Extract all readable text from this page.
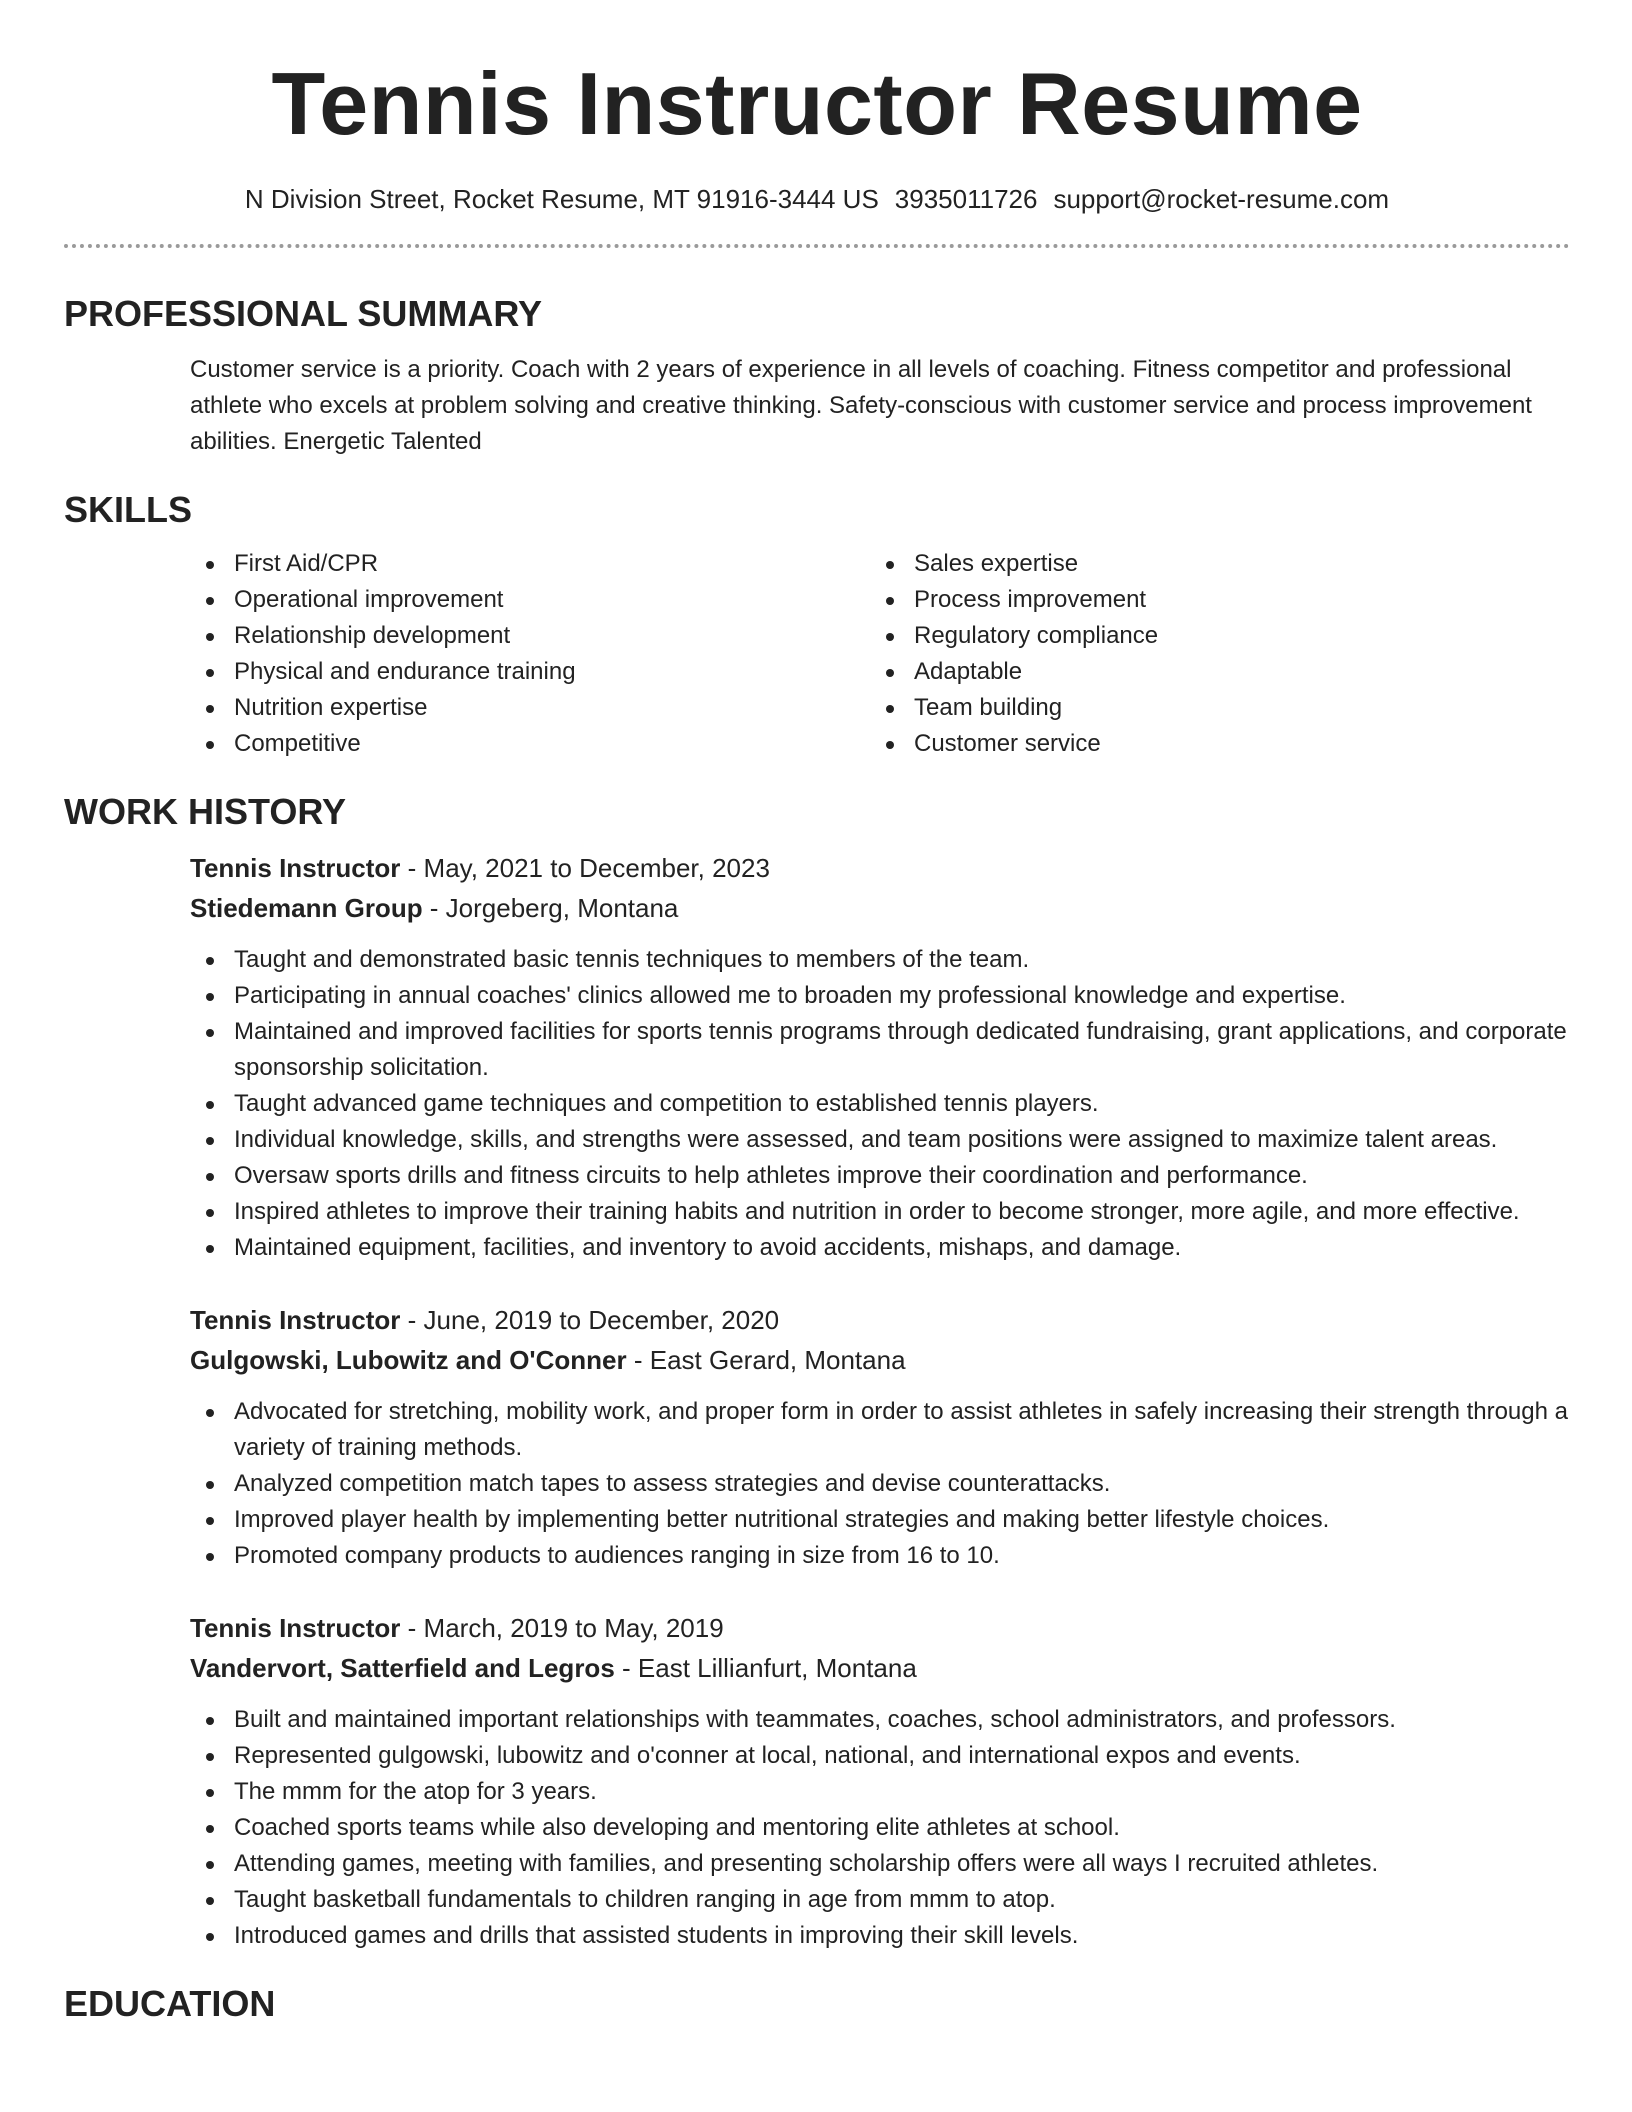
Tennis Instructor Resume
N Division Street, Rocket Resume, MT 91916-3444 US 3935011726 support@rocket-resume.com
PROFESSIONAL SUMMARY

Customer service is a priority. Coach with 2 years of experience in all levels of coaching. Fitness competitor and professional athlete who excels at problem solving and creative thinking. Safety-conscious with customer service and process improvement abilities. Energetic Talented

SKILLS
First Aid/CPR
Operational improvement
Relationship development
Physical and endurance training
Nutrition expertise
Competitive
Sales expertise
Process improvement
Regulatory compliance
Adaptable
Team building
Customer service
WORK HISTORY
Tennis Instructor - May, 2021 to December, 2023
Stiedemann Group - Jorgeberg, Montana
Taught and demonstrated basic tennis techniques to members of the team.
Participating in annual coaches' clinics allowed me to broaden my professional knowledge and expertise.
Maintained and improved facilities for sports tennis programs through dedicated fundraising, grant applications, and corporate sponsorship solicitation.
Taught advanced game techniques and competition to established tennis players.
Individual knowledge, skills, and strengths were assessed, and team positions were assigned to maximize talent areas.
Oversaw sports drills and fitness circuits to help athletes improve their coordination and performance.
Inspired athletes to improve their training habits and nutrition in order to become stronger, more agile, and more effective.
Maintained equipment, facilities, and inventory to avoid accidents, mishaps, and damage.
Tennis Instructor - June, 2019 to December, 2020
Gulgowski, Lubowitz and O'Conner - East Gerard, Montana
Advocated for stretching, mobility work, and proper form in order to assist athletes in safely increasing their strength through a variety of training methods.
Analyzed competition match tapes to assess strategies and devise counterattacks.
Improved player health by implementing better nutritional strategies and making better lifestyle choices.
Promoted company products to audiences ranging in size from 16 to 10.
Tennis Instructor - March, 2019 to May, 2019
Vandervort, Satterfield and Legros - East Lillianfurt, Montana
Built and maintained important relationships with teammates, coaches, school administrators, and professors.
Represented gulgowski, lubowitz and o'conner at local, national, and international expos and events.
The mmm for the atop for 3 years.
Coached sports teams while also developing and mentoring elite athletes at school.
Attending games, meeting with families, and presenting scholarship offers were all ways I recruited athletes.
Taught basketball fundamentals to children ranging in age from mmm to atop.
Introduced games and drills that assisted students in improving their skill levels.
EDUCATION
